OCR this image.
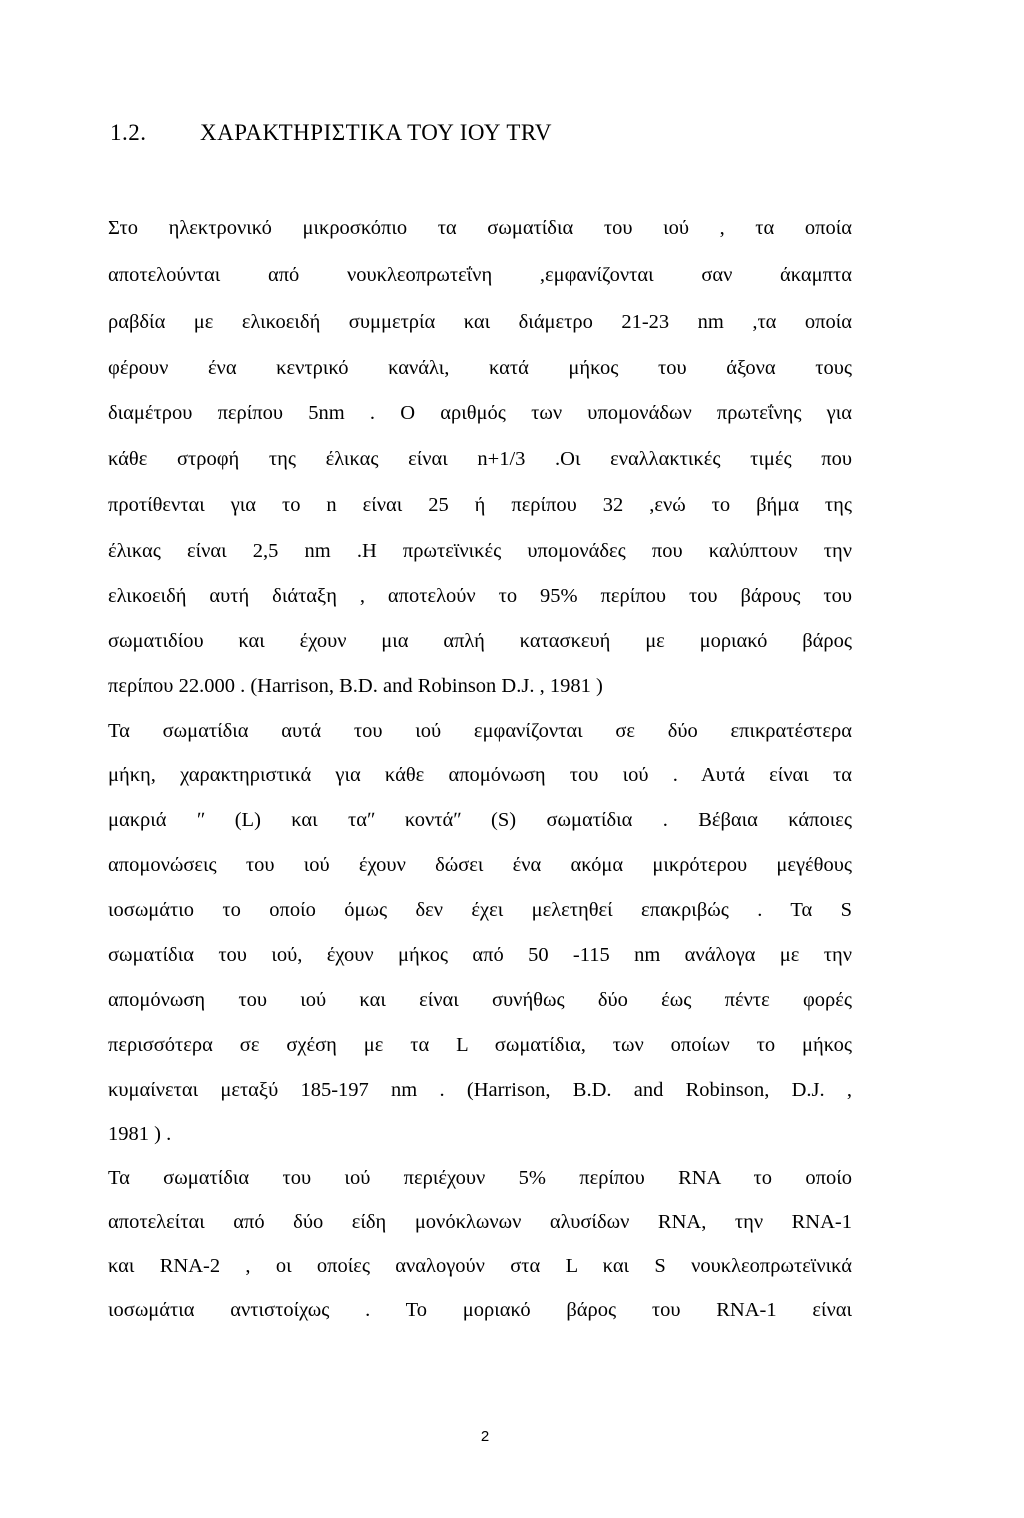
1.2. ΧΑΡΑΚΤΗΡΙΣΤΙΚΑ ΤΟΥ ΙΟΥ TRV
Στο ηλεκτρονικό μικροσκόπιο τα σωματίδια του ιού , τα οποία
αποτελούνται από νουκλεοπρωτεΐνη ,εμφανίζονται σαν άκαμπτα
ραβδία με ελικοειδή συμμετρία και διάμετρο 21-23 nm ,τα οποία
φέρουν ένα κεντρικό κανάλι, κατά μήκος του άξονα τους
διαμέτρου περίπου 5nm . Ο αριθμός των υπομονάδων πρωτεΐνης για
κάθε στροφή της έλικας είναι n+1/3 .Οι εναλλακτικές τιμές που
προτίθενται για το n είναι 25 ή περίπου 32 ,ενώ το βήμα της
έλικας είναι 2,5 nm .Η πρωτεϊνικές υπομονάδες που καλύπτουν την
ελικοειδή αυτή διάταξη , αποτελούν το 95% περίπου του βάρους του
σωματιδίου και έχουν μια απλή κατασκευή με μοριακό βάρος
περίπου 22.000 . (Harrison, B.D. and Robinson D.J. , 1981 )
Τα σωματίδια αυτά του ιού εμφανίζονται σε δύο επικρατέστερα
μήκη, χαρακτηριστικά για κάθε απομόνωση του ιού . Αυτά είναι τα
μακριά ʺ (L) και ταʺ κοντάʺ (S) σωματίδια . Βέβαια κάποιες
απομονώσεις του ιού έχουν δώσει ένα ακόμα μικρότερου μεγέθους
ιοσωμάτιο το οποίο όμως δεν έχει μελετηθεί επακριβώς . Τα S
σωματίδια του ιού, έχουν μήκος από 50 -115 nm ανάλογα με την
απομόνωση του ιού και είναι συνήθως δύο έως πέντε φορές
περισσότερα σε σχέση με τα L σωματίδια, των οποίων το μήκος
κυμαίνεται μεταξύ 185-197 nm . (Harrison, B.D. and Robinson, D.J. ,
1981 ) .
Τα σωματίδια του ιού περιέχουν 5% περίπου RNA το οποίο
αποτελείται από δύο είδη μονόκλωνων αλυσίδων RNA, την RNA-1
και RNA-2 , οι οποίες αναλογούν στα L και S νουκλεοπρωτεϊνικά
ιοσωμάτια αντιστοίχως . Το μοριακό βάρος του RNA-1 είναι
2
